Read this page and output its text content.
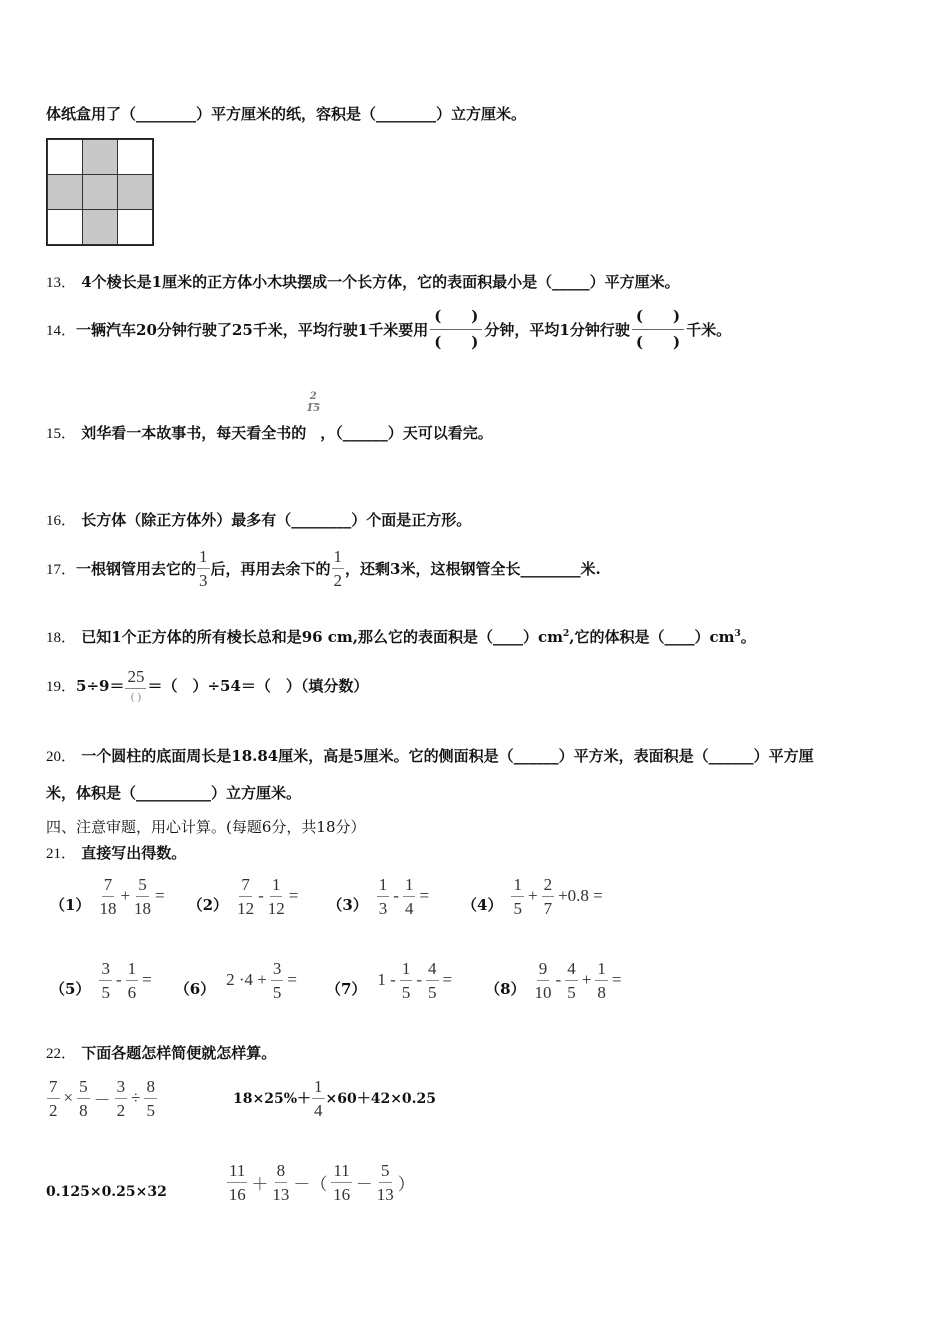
体纸盒用了（________）平方厘米的纸，容积是（________）立方厘米。
13． 4个棱长是1厘米的正方体小木块摆成一个长方体，它的表面积最小是（_____）平方厘米。
14． 一辆汽车20分钟行驶了25千米，平均行驶1千米要用
(　　)
(　　)
分钟，平均1分钟行驶
(　　)
(　　)
千米。
15． 刘华看一本故事书，每天看全书的
$\frac{2}{15}$
，（______）天可以看完。
16． 长方体（除正方体外）最多有（________）个面是正方形。
17． 一根钢管用去它的 $\frac{1}{3}$ 后，再用去余下的 $\frac{1}{2}$ ，还剩3米，这根钢管全长________米.
18． 已知1个正方体的所有棱长总和是96 cm,那么它的表面积是$(\_\_\_\_)cm^2$,它的体积是$(\_\_\_\_)cm^3$。
19． $5\div 9= \frac{25}{( )}$ ＝（　）÷54＝（　）（填分数）
20． 一个圆柱的底面周长是18.84厘米，高是5厘米。它的侧面积是（______）平方米，表面积是（______）平方厘
米，体积是（__________）立方厘米。
四、注意审题，用心计算。(每题6分，共18分）
21． 直接写出得数。
$(1) \frac{7}{18} + \frac{5}{18} = (2) \frac{7}{12} - \frac{1}{12} = (3) \frac{1}{3} - \frac{1}{4} = (4) \frac{1}{5} + \frac{2}{7} +0.8$ =
$(5) \frac{3}{5} - \frac{1}{6} = (6)$ $2 \cdot 4 + \frac{3}{5} = (7)$ $1 - \frac{1}{5} - \frac{4}{5} = (8) \frac{9}{10} - \frac{4}{5} + \frac{1}{8}$ =
22． 下面各题怎样简便就怎样算。
$\frac{7}{2} \times \frac{5}{8} - \frac{3}{2} \div \frac{8}{5}$	$18\times 25\%+ \frac{1}{4} \times 60+42\times 0.25$
0.125×0.25×32	$\frac{11}{16} + \frac{8}{13}$ －（ $\frac{11}{16} - \frac{5}{13}$ ）
